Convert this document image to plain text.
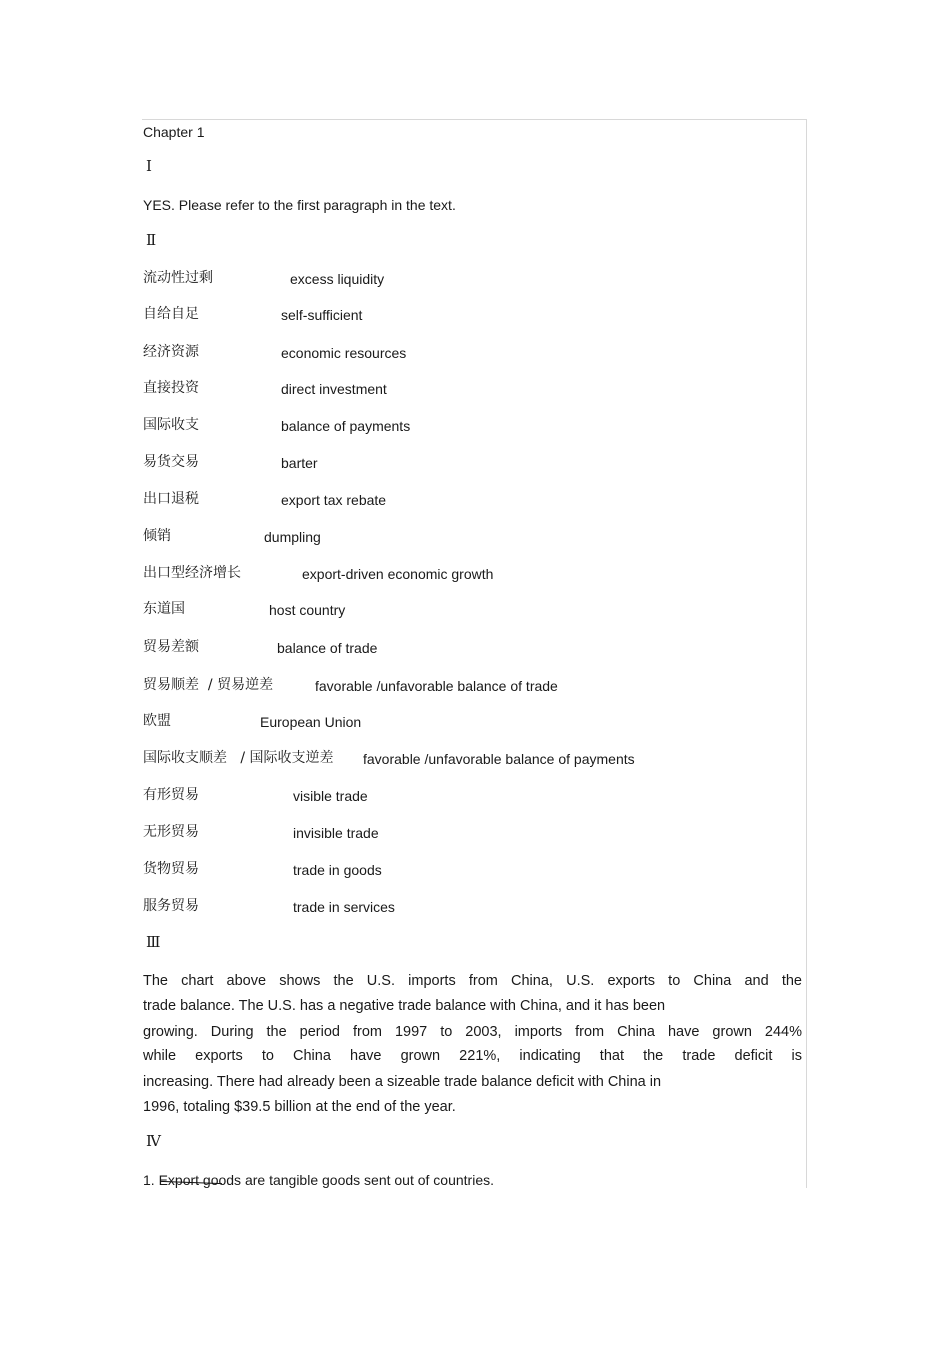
Chapter 1
Ⅰ
YES. Please refer to the first paragraph in the text.
Ⅱ
流动性过剩	excess liquidity
自给自足	self-sufficient
经济资源	economic resources
直接投资	direct investment
国际收支	balance of payments
易货交易	barter
出口退税	export tax rebate
倾销	dumpling
出口型经济增长	export-driven economic growth
东道国	host country
贸易差额	balance of trade
贸易顺差  / 贸易逆差	favorable /unfavorable balance of trade
欧盟	European Union
国际收支顺差   / 国际收支逆差 favorable /unfavorable balance of payments
有形贸易	visible trade
无形贸易	invisible trade
货物贸易	trade in goods
服务贸易	trade in services
Ⅲ
The chart above shows the U.S. imports from China, U.S. exports to China and the
trade balance. The U.S. has a negative trade balance with China, and it has been
growing. During the period from 1997 to 2003, imports from China have grown 244%
while exports to China have grown 221%, indicating that the trade deficit is
increasing. There had already been a sizeable trade balance deficit with China in
1996, totaling $39.5 billion at the end of the year.
Ⅳ
1. Export goods are tangible goods sent out of countries.
